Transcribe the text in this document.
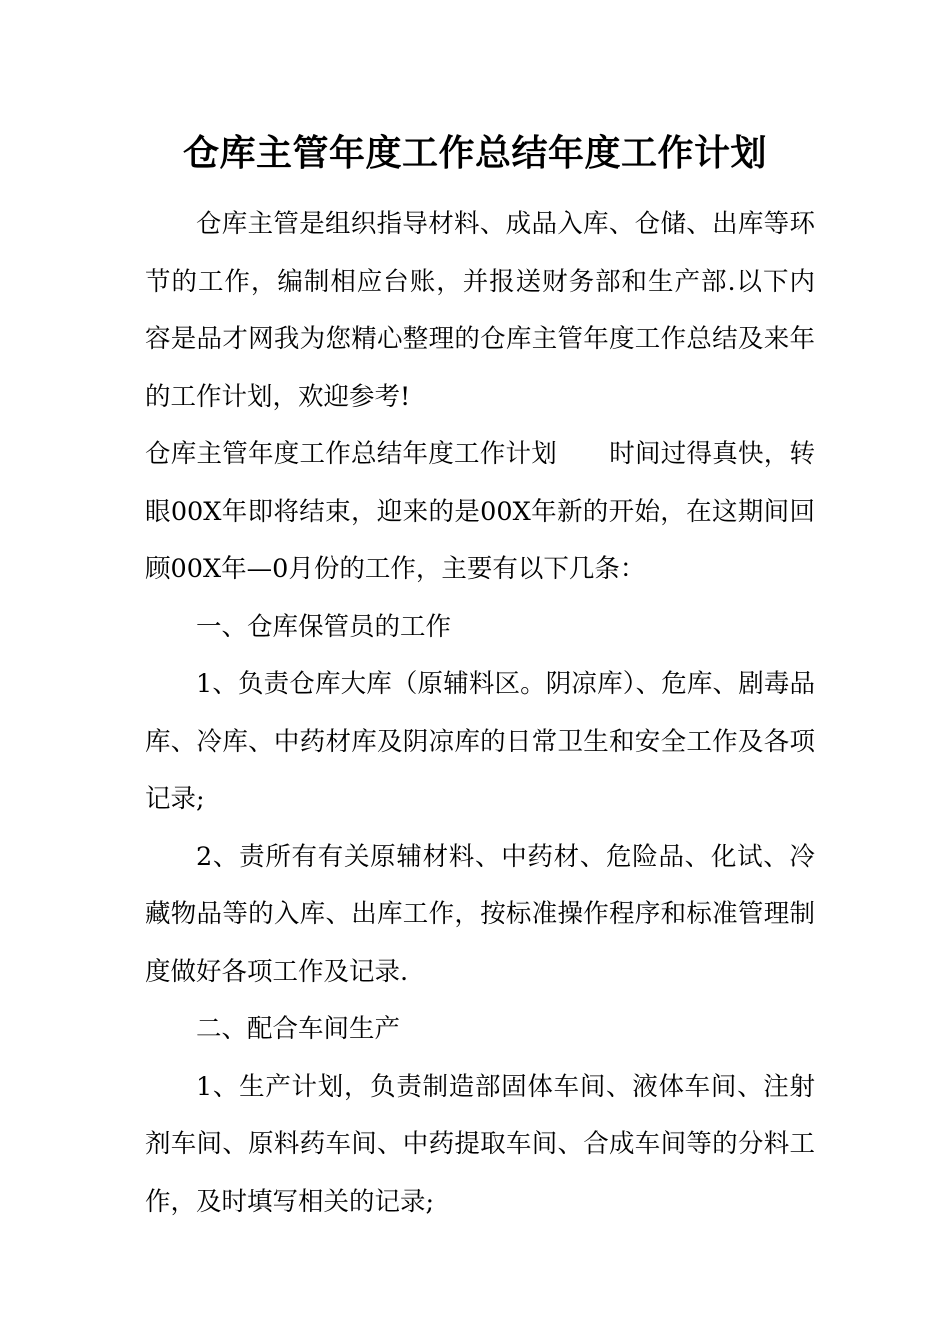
仓库主管年度工作总结年度工作计划

仓库主管是组织指导材料、成品入库、仓储、出库等环节的工作，编制相应台账，并报送财务部和生产部.以下内容是品才网我为您精心整理的仓库主管年度工作总结及来年的工作计划，欢迎参考!

仓库主管年度工作总结年度工作计划 时间过得真快，转眼00X年即将结束，迎来的是00X年新的开始，在这期间回顾00X年—0月份的工作，主要有以下几条：

一、仓库保管员的工作

1、负责仓库大库（原辅料区。阴凉库）、危库、剧毒品库、冷库、中药材库及阴凉库的日常卫生和安全工作及各项记录;

2、责所有有关原辅材料、中药材、危险品、化试、冷藏物品等的入库、出库工作，按标准操作程序和标准管理制度做好各项工作及记录.

二、配合车间生产

1、生产计划，负责制造部固体车间、液体车间、注射剂车间、原料药车间、中药提取车间、合成车间等的分料工作，及时填写相关的记录;
